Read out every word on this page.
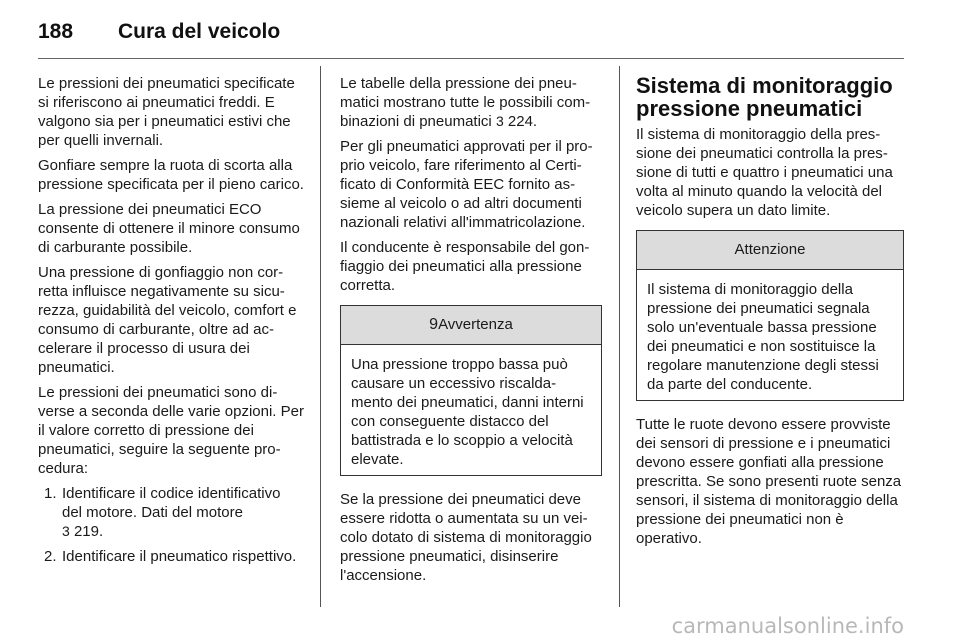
188 Cura del veicolo

Le pressioni dei pneumatici specificate si riferiscono ai pneumatici freddi. E valgono sia per i pneumatici estivi che per quelli invernali.

Gonfiare sempre la ruota di scorta alla pressione specificata per il pieno carico.

La pressione dei pneumatici ECO consente di ottenere il minore consumo di carburante possibile.

Una pressione di gonfiaggio non corretta influisce negativamente su sicurezza, guidabilità del veicolo, comfort e consumo di carburante, oltre ad accelerare il processo di usura dei pneumatici.

Le pressioni dei pneumatici sono diverse a seconda delle varie opzioni. Per il valore corretto di pressione dei pneumatici, seguire la seguente procedura:

1. Identificare il codice identificativo del motore. Dati del motore
3 219.
2. Identificare il pneumatico rispettivo.

Le tabelle della pressione dei pneumatici mostrano tutte le possibili combinazioni di pneumatici 3 224.

Per gli pneumatici approvati per il proprio veicolo, fare riferimento al Certificato di Conformità EEC fornito assieme al veicolo o ad altri documenti nazionali relativi all'immatricolazione.

Il conducente è responsabile del gonfiaggio dei pneumatici alla pressione corretta.

9Avvertenza
Una pressione troppo bassa può causare un eccessivo riscaldamento dei pneumatici, danni interni con conseguente distacco del battistrada e lo scoppio a velocità elevate.

Se la pressione dei pneumatici deve essere ridotta o aumentata su un veicolo dotato di sistema di monitoraggio pressione pneumatici, disinserire l'accensione.

Sistema di monitoraggio pressione pneumatici

Il sistema di monitoraggio della pressione dei pneumatici controlla la pressione di tutti e quattro i pneumatici una volta al minuto quando la velocità del veicolo supera un dato limite.

Attenzione
Il sistema di monitoraggio della pressione dei pneumatici segnala solo un'eventuale bassa pressione dei pneumatici e non sostituisce la regolare manutenzione degli stessi da parte del conducente.

Tutte le ruote devono essere provviste dei sensori di pressione e i pneumatici devono essere gonfiati alla pressione prescritta. Se sono presenti ruote senza sensori, il sistema di monitoraggio della pressione dei pneumatici non è operativo.

carmanualsonline.info
